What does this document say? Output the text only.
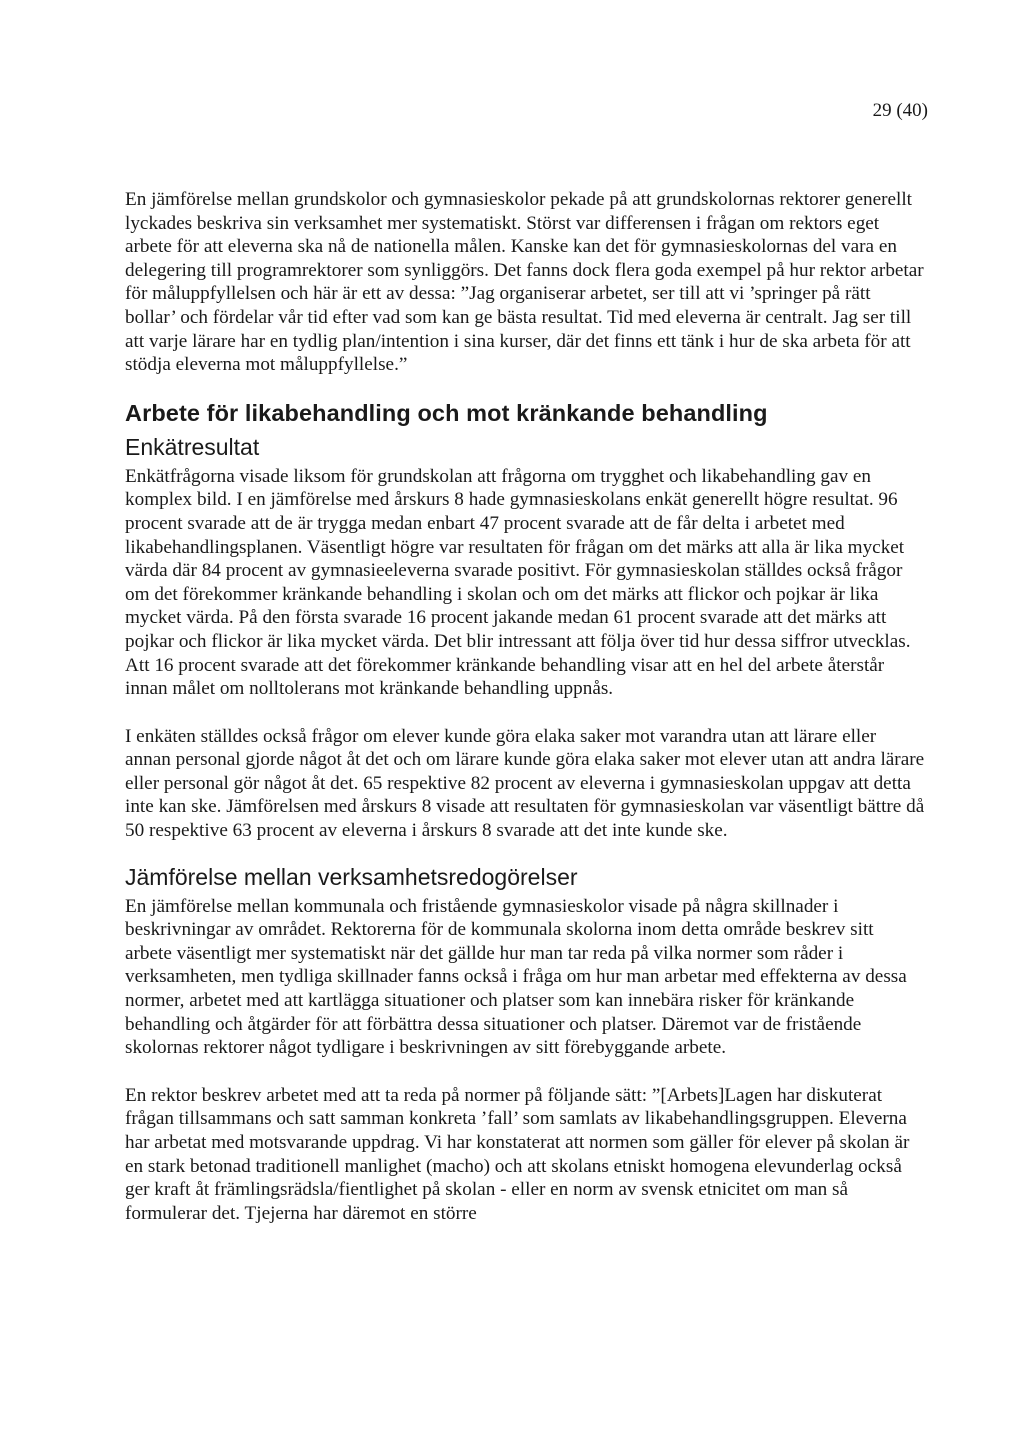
29 (40)

En jämförelse mellan grundskolor och gymnasieskolor pekade på att grundskolornas rektorer generellt lyckades beskriva sin verksamhet mer systematiskt. Störst var differensen i frågan om rektors eget arbete för att eleverna ska nå de nationella målen. Kanske kan det för gymnasieskolornas del vara en delegering till programrektorer som synliggörs. Det fanns dock flera goda exempel på hur rektor arbetar för måluppfyllelsen och här är ett av dessa: ”Jag organiserar arbetet, ser till att vi ’springer på rätt bollar’ och fördelar vår tid efter vad som kan ge bästa resultat. Tid med eleverna är centralt. Jag ser till att varje lärare har en tydlig plan/intention i sina kurser, där det finns ett tänk i hur de ska arbeta för att stödja eleverna mot måluppfyllelse.”

Arbete för likabehandling och mot kränkande behandling
Enkätresultat

Enkätfrågorna visade liksom för grundskolan att frågorna om trygghet och likabehandling gav en komplex bild. I en jämförelse med årskurs 8 hade gymnasieskolans enkät generellt högre resultat. 96 procent svarade att de är trygga medan enbart 47 procent svarade att de får delta i arbetet med likabehandlingsplanen. Väsentligt högre var resultaten för frågan om det märks att alla är lika mycket värda där 84 procent av gymnasieeleverna svarade positivt. För gymnasieskolan ställdes också frågor om det förekommer kränkande behandling i skolan och om det märks att flickor och pojkar är lika mycket värda. På den första svarade 16 procent jakande medan 61 procent svarade att det märks att pojkar och flickor är lika mycket värda. Det blir intressant att följa över tid hur dessa siffror utvecklas. Att 16 procent svarade att det förekommer kränkande behandling visar att en hel del arbete återstår innan målet om nolltolerans mot kränkande behandling uppnås.

I enkäten ställdes också frågor om elever kunde göra elaka saker mot varandra utan att lärare eller annan personal gjorde något åt det och om lärare kunde göra elaka saker mot elever utan att andra lärare eller personal gör något åt det. 65 respektive 82 procent av eleverna i gymnasieskolan uppgav att detta inte kan ske. Jämförelsen med årskurs 8 visade att resultaten för gymnasieskolan var väsentligt bättre då 50 respektive 63 procent av eleverna i årskurs 8 svarade att det inte kunde ske.

Jämförelse mellan verksamhetsredogörelser

En jämförelse mellan kommunala och fristående gymnasieskolor visade på några skillnader i beskrivningar av området. Rektorerna för de kommunala skolorna inom detta område beskrev sitt arbete väsentligt mer systematiskt när det gällde hur man tar reda på vilka normer som råder i verksamheten, men tydliga skillnader fanns också i fråga om hur man arbetar med effekterna av dessa normer, arbetet med att kartlägga situationer och platser som kan innebära risker för kränkande behandling och åtgärder för att förbättra dessa situationer och platser. Däremot var de fristående skolornas rektorer något tydligare i beskrivningen av sitt förebyggande arbete.

En rektor beskrev arbetet med att ta reda på normer på följande sätt: ”[Arbets]Lagen har diskuterat frågan tillsammans och satt samman konkreta ’fall’ som samlats av likabehandlingsgruppen. Eleverna har arbetat med motsvarande uppdrag. Vi har konstaterat att normen som gäller för elever på skolan är en stark betonad traditionell manlighet (macho) och att skolans etniskt homogena elevunderlag också ger kraft åt främlingsrädsla/fientlighet på skolan - eller en norm av svensk etnicitet om man så formulerar det. Tjejerna har däremot en större
